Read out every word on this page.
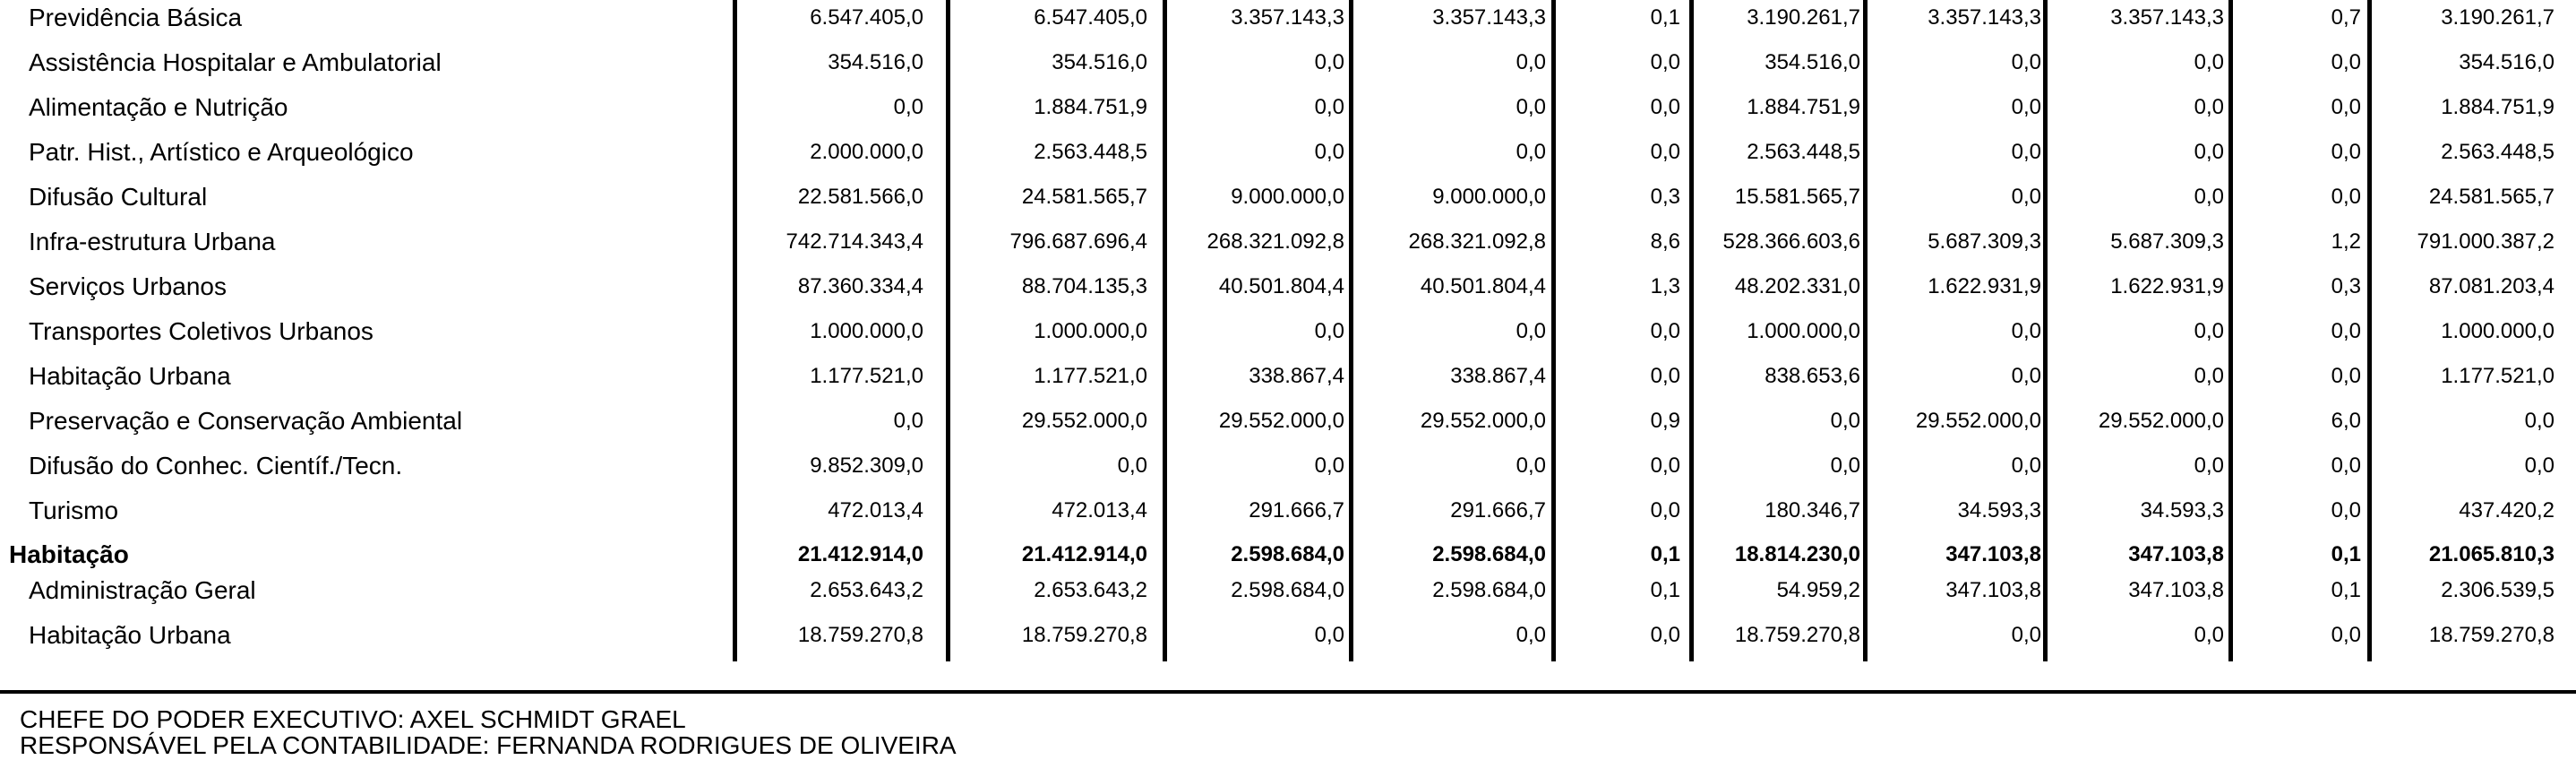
Previdência Básica	6.547.405,0	6.547.405,0	3.357.143,3	3.357.143,3	0,1	3.190.261,7	3.357.143,3	3.357.143,3	0,7	3.190.261,7
Assistência Hospitalar e Ambulatorial	354.516,0	354.516,0	0,0	0,0	0,0	354.516,0	0,0	0,0	0,0	354.516,0
Alimentação e Nutrição	0,0	1.884.751,9	0,0	0,0	0,0	1.884.751,9	0,0	0,0	0,0	1.884.751,9
Patr. Hist., Artístico e Arqueológico	2.000.000,0	2.563.448,5	0,0	0,0	0,0	2.563.448,5	0,0	0,0	0,0	2.563.448,5
Difusão Cultural	22.581.566,0	24.581.565,7	9.000.000,0	9.000.000,0	0,3	15.581.565,7	0,0	0,0	0,0	24.581.565,7
Infra-estrutura Urbana	742.714.343,4	796.687.696,4	268.321.092,8	268.321.092,8	8,6 528.366.603,6	5.687.309,3	5.687.309,3	1,2	791.000.387,2
Serviços Urbanos	87.360.334,4	88.704.135,3	40.501.804,4	40.501.804,4	1,3	48.202.331,0	1.622.931,9	1.622.931,9	0,3	87.081.203,4
Transportes Coletivos Urbanos	1.000.000,0	1.000.000,0	0,0	0,0	0,0	1.000.000,0	0,0	0,0	0,0	1.000.000,0
Habitação Urbana	1.177.521,0	1.177.521,0	338.867,4	338.867,4	0,0	838.653,6	0,0	0,0	0,0	1.177.521,0
Preservação e Conservação Ambiental	0,0	29.552.000,0	29.552.000,0	29.552.000,0	0,9	0,0	29.552.000,0	29.552.000,0	6,0	0,0
Difusão do Conhec. Científ./Tecn.	9.852.309,0	0,0	0,0	0,0	0,0	0,0	0,0	0,0	0,0	0,0
Turismo	472.013,4	472.013,4	291.666,7	291.666,7	0,0	180.346,7	34.593,3	34.593,3	0,0	437.420,2
Habitação	21.412.914,0	21.412.914,0	2.598.684,0	2.598.684,0	0,1	18.814.230,0	347.103,8	347.103,8	0,1	21.065.810,3
Administração Geral	2.653.643,2	2.653.643,2	2.598.684,0	2.598.684,0	0,1	54.959,2	347.103,8	347.103,8	0,1	2.306.539,5
Habitação Urbana	18.759.270,8	18.759.270,8	0,0	0,0	0,0	18.759.270,8	0,0	0,0	0,0	18.759.270,8
CHEFE DO PODER EXECUTIVO: AXEL SCHMIDT GRAEL
RESPONSÁVEL PELA CONTABILIDADE: FERNANDA RODRIGUES DE OLIVEIRA
